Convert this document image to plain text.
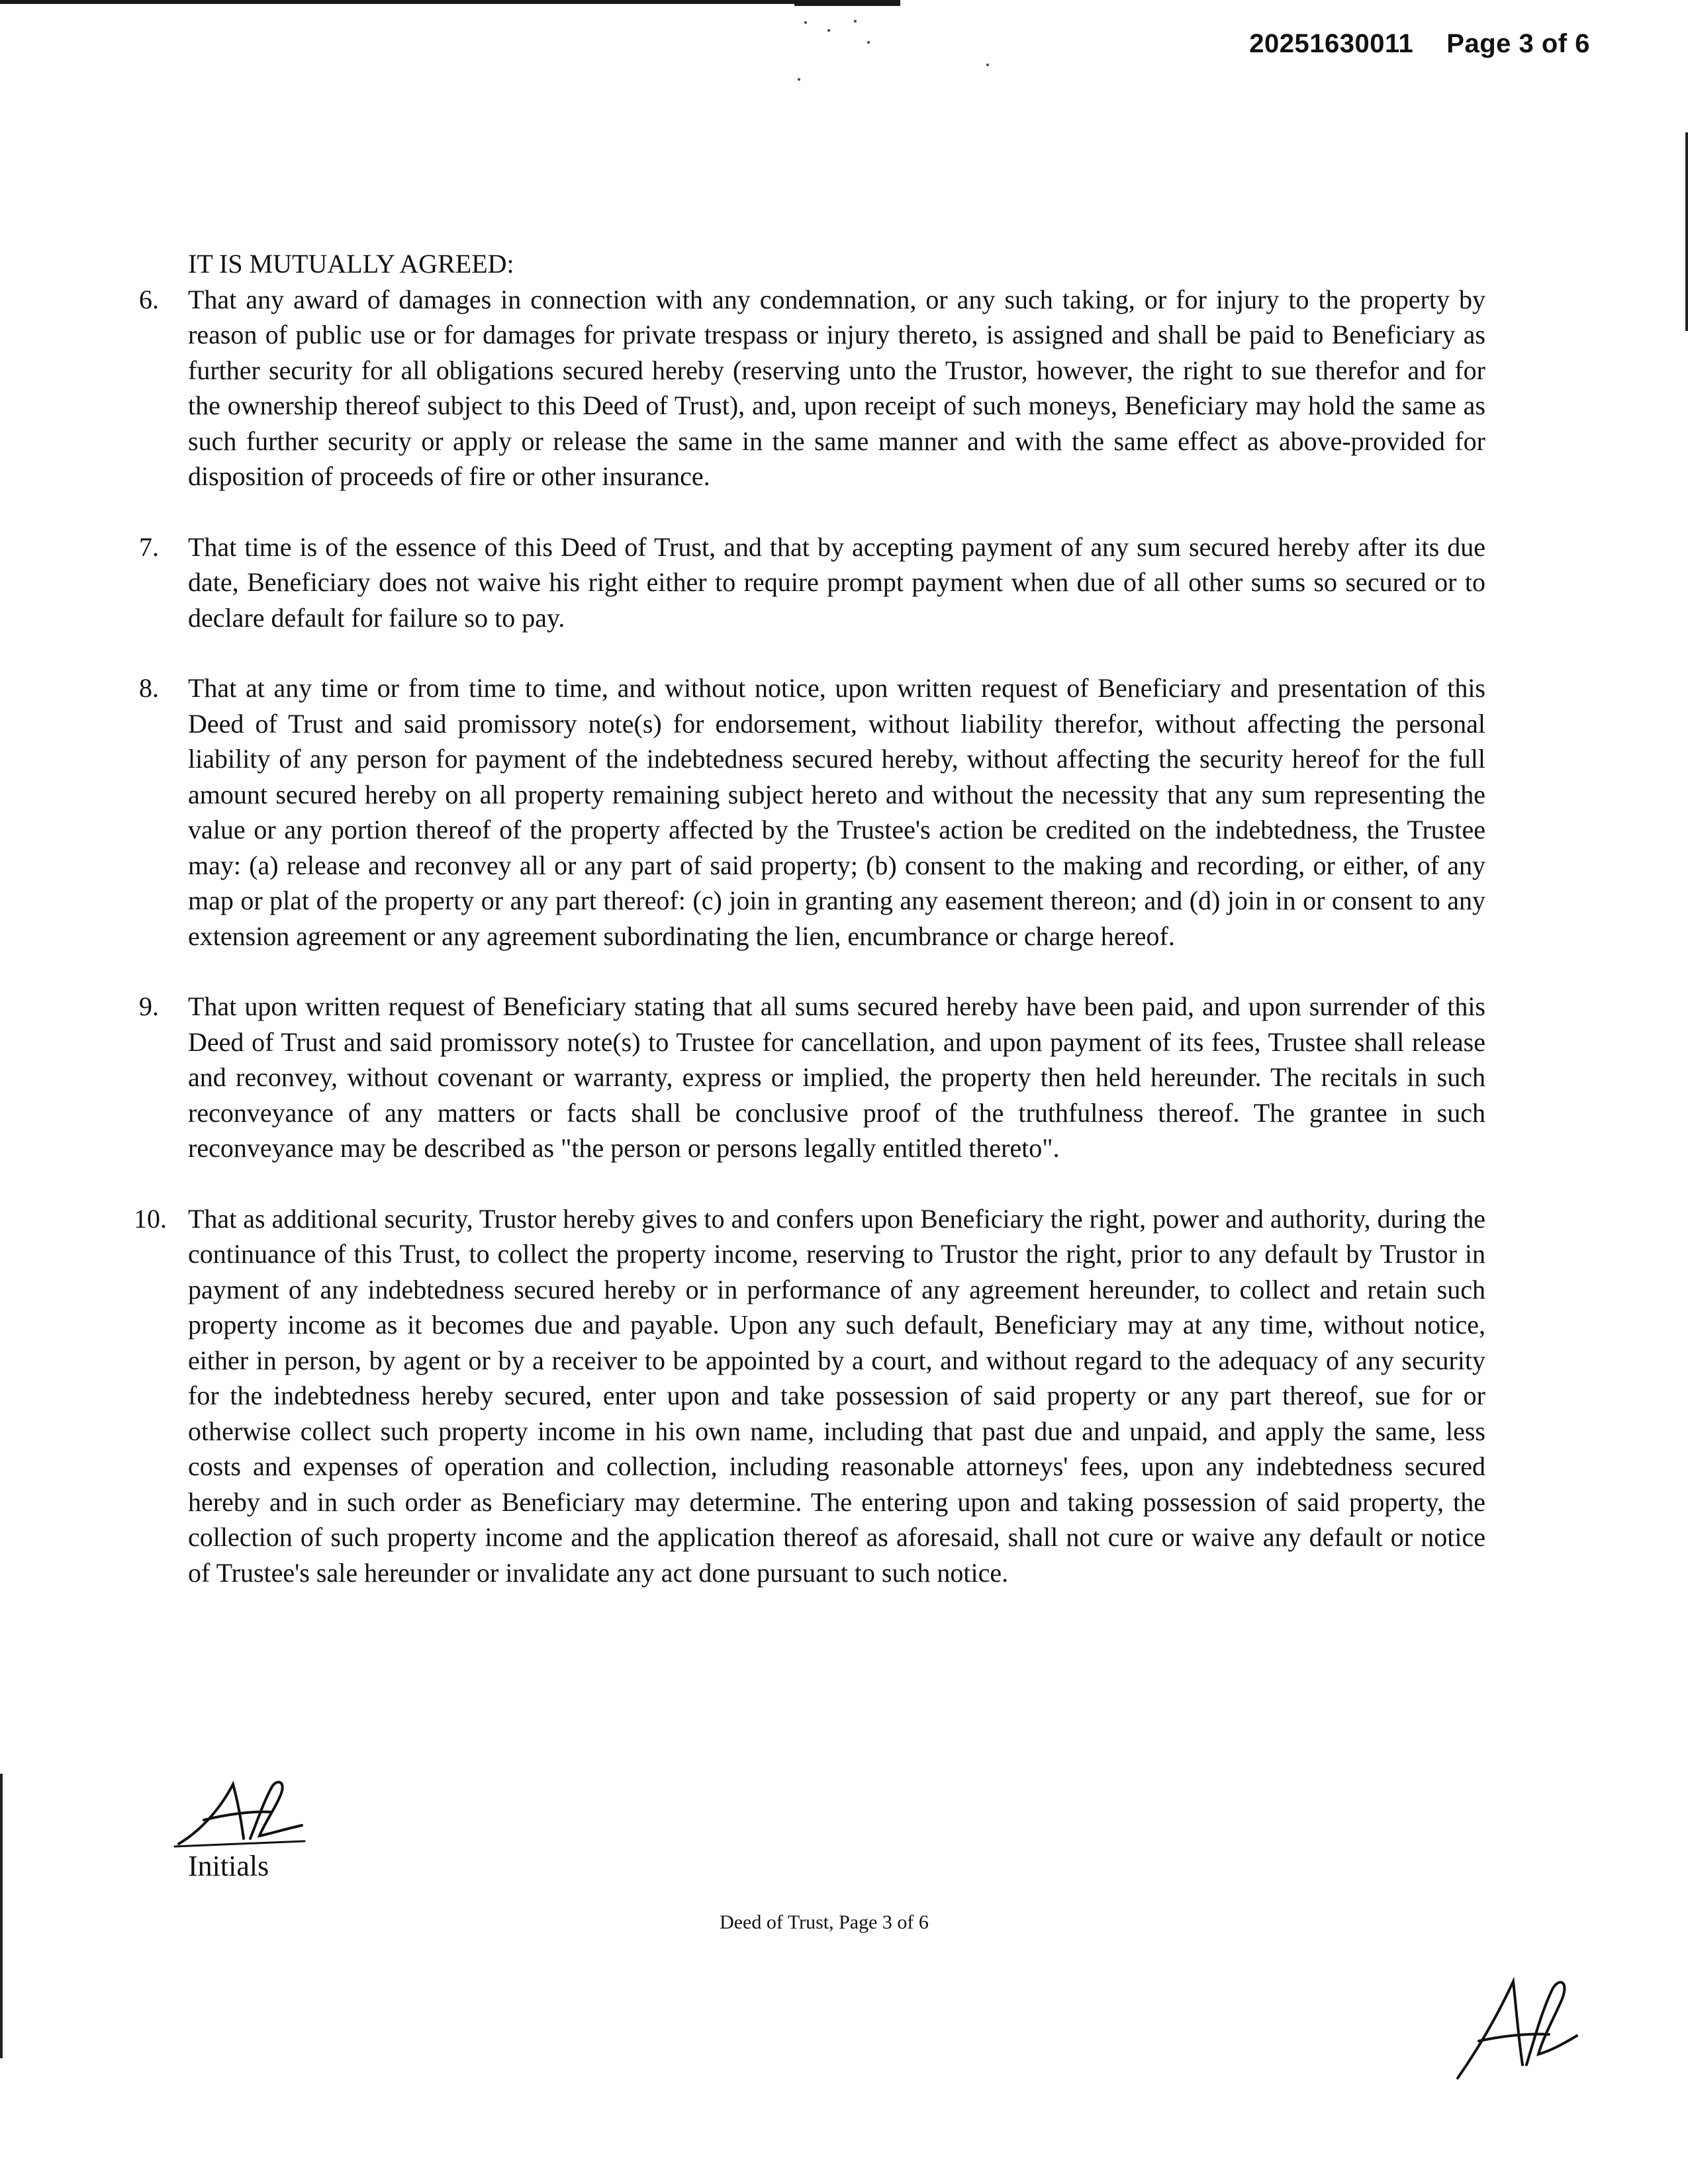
20251630011 Page 3 of 6

IT IS MUTUALLY AGREED:

6. That any award of damages in connection with any condemnation, or any such taking, or for injury to the property by reason of public use or for damages for private trespass or injury thereto, is assigned and shall be paid to Beneficiary as further security for all obligations secured hereby (reserving unto the Trustor, however, the right to sue therefor and for the ownership thereof subject to this Deed of Trust), and, upon receipt of such moneys, Beneficiary may hold the same as such further security or apply or release the same in the same manner and with the same effect as above-provided for disposition of proceeds of fire or other insurance.
7. That time is of the essence of this Deed of Trust, and that by accepting payment of any sum secured hereby after its due date, Beneficiary does not waive his right either to require prompt payment when due of all other sums so secured or to declare default for failure so to pay.
8. That at any time or from time to time, and without notice, upon written request of Beneficiary and presentation of this Deed of Trust and said promissory note(s) for endorsement, without liability therefor, without affecting the personal liability of any person for payment of the indebtedness secured hereby, without affecting the security hereof for the full amount secured hereby on all property remaining subject hereto and without the necessity that any sum representing the value or any portion thereof of the property affected by the Trustee's action be credited on the indebtedness, the Trustee may: (a) release and reconvey all or any part of said property; (b) consent to the making and recording, or either, of any map or plat of the property or any part thereof: (c) join in granting any easement thereon; and (d) join in or consent to any extension agreement or any agreement subordinating the lien, encumbrance or charge hereof.
9. That upon written request of Beneficiary stating that all sums secured hereby have been paid, and upon surrender of this Deed of Trust and said promissory note(s) to Trustee for cancellation, and upon payment of its fees, Trustee shall release and reconvey, without covenant or warranty, express or implied, the property then held hereunder. The recitals in such reconveyance of any matters or facts shall be conclusive proof of the truthfulness thereof. The grantee in such reconveyance may be described as "the person or persons legally entitled thereto".
10. That as additional security, Trustor hereby gives to and confers upon Beneficiary the right, power and authority, during the continuance of this Trust, to collect the property income, reserving to Trustor the right, prior to any default by Trustor in payment of any indebtedness secured hereby or in performance of any agreement hereunder, to collect and retain such property income as it becomes due and payable. Upon any such default, Beneficiary may at any time, without notice, either in person, by agent or by a receiver to be appointed by a court, and without regard to the adequacy of any security for the indebtedness hereby secured, enter upon and take possession of said property or any part thereof, sue for or otherwise collect such property income in his own name, including that past due and unpaid, and apply the same, less costs and expenses of operation and collection, including reasonable attorneys' fees, upon any indebtedness secured hereby and in such order as Beneficiary may determine. The entering upon and taking possession of said property, the collection of such property income and the application thereof as aforesaid, shall not cure or waive any default or notice of Trustee's sale hereunder or invalidate any act done pursuant to such notice.
Initials
Deed of Trust, Page 3 of 6
